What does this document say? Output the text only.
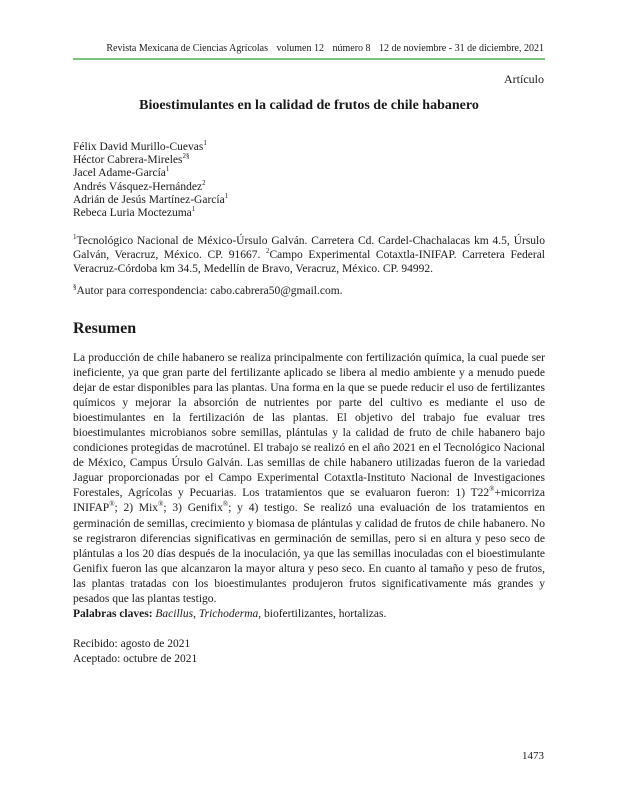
Revista Mexicana de Ciencias Agrícolas volumen 12 número 8 12 de noviembre - 31 de diciembre, 2021
Artículo
Bioestimulantes en la calidad de frutos de chile habanero
Félix David Murillo-Cuevas$^1$
Héctor Cabrera-Mireles$^{2\S}$
Jacel Adame-García$^1$
Andrés Vásquez-Hernández$^2$
Adrián de Jesús Martínez-García$^1$
Rebeca Luria Moctezuma$^1$
$^1$Tecnológico Nacional de México-Úrsulo Galván. Carretera Cd. Cardel-Chachalacas km 4.5, Úrsulo Galván, Veracruz, México. CP. 91667. $^2$Campo Experimental Cotaxtla-INIFAP. Carretera Federal Veracruz-Córdoba km 34.5, Medellín de Bravo, Veracruz, México. CP. 94992.
§Autor para correspondencia: cabo.cabrera50@gmail.com.
Resumen

La producción de chile habanero se realiza principalmente con fertilización química, la cual puede ser ineficiente, ya que gran parte del fertilizante aplicado se libera al medio ambiente y a menudo puede dejar de estar disponibles para las plantas. Una forma en la que se puede reducir el uso de fertilizantes químicos y mejorar la absorción de nutrientes por parte del cultivo es mediante el uso de bioestimulantes en la fertilización de las plantas. El objetivo del trabajo fue evaluar tres bioestimulantes microbianos sobre semillas, plántulas y la calidad de fruto de chile habanero bajo condiciones protegidas de macrotúnel. El trabajo se realizó en el año 2021 en el Tecnológico Nacional de México, Campus Úrsulo Galván. Las semillas de chile habanero utilizadas fueron de la variedad Jaguar proporcionadas por el Campo Experimental Cotaxtla-Instituto Nacional de Investigaciones Forestales, Agrícolas y Pecuarias. Los tratamientos que se evaluaron fueron: 1) T22®+micorriza INIFAP®; 2) Mix®; 3) Genifix®; y 4) testigo. Se realizó una evaluación de los tratamientos en germinación de semillas, crecimiento y biomasa de plántulas y calidad de frutos de chile habanero. No se registraron diferencias significativas en germinación de semillas, pero si en altura y peso seco de plántulas a los 20 días después de la inoculación, ya que las semillas inoculadas con el bioestimulante Genifix fueron las que alcanzaron la mayor altura y peso seco. En cuanto al tamaño y peso de frutos, las plantas tratadas con los bioestimulantes produjeron frutos significativamente más grandes y pesados que las plantas testigo.

Palabras claves: Bacillus, Trichoderma, biofertilizantes, hortalizas.
Recibido: agosto de 2021
Aceptado: octubre de 2021
1473
